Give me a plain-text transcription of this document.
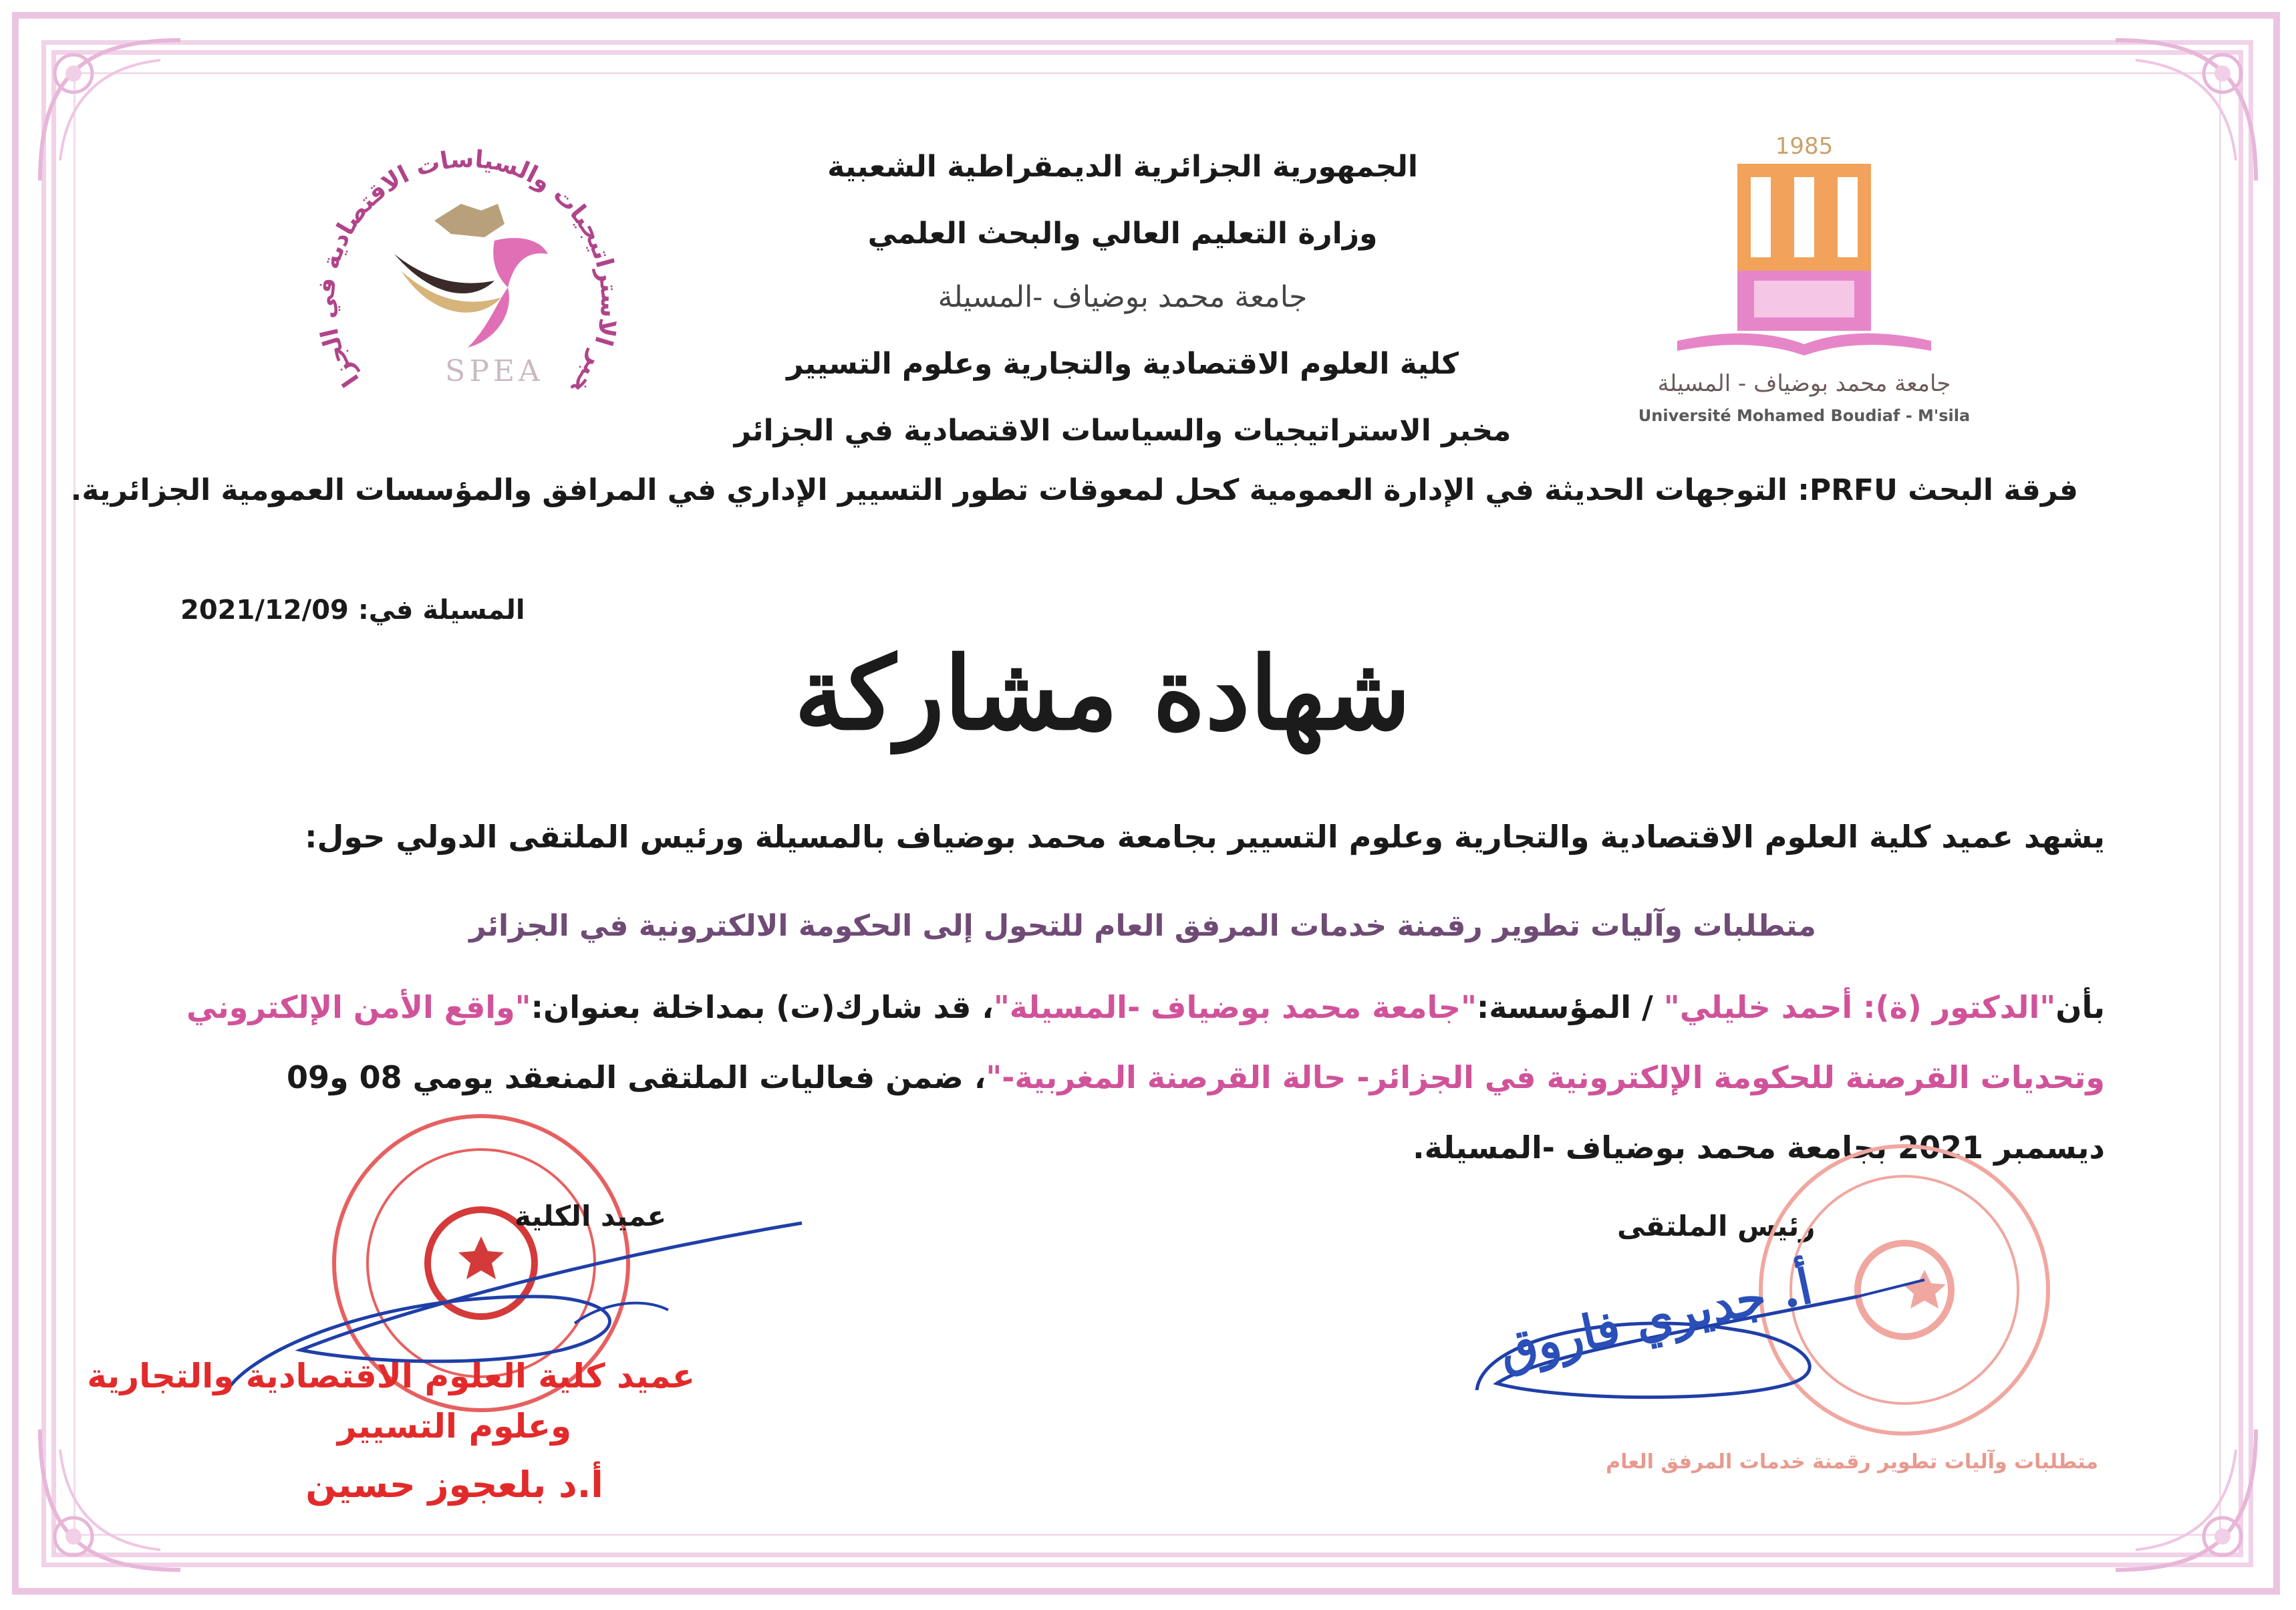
خبر الاستراتيجيات والسياسات الاقتصادية في الجزا	SPEA
1985
جامعة محمد بوضياف - المسيلة
Université Mohamed Boudiaf - M'sila
الجمهورية الجزائرية الديمقراطية الشعبية
وزارة التعليم العالي والبحث العلمي
جامعة محمد بوضياف -المسيلة
كلية العلوم الاقتصادية والتجارية وعلوم التسيير
مخبر الاستراتيجيات والسياسات الاقتصادية في الجزائر
فرقة البحث PRFU: التوجهات الحديثة في الإدارة العمومية كحل لمعوقات تطور التسيير الإداري في المرافق والمؤسسات العمومية الجزائرية.
المسيلة في: 2021/12/09
شهادة مشاركة
يشهد عميد كلية العلوم الاقتصادية والتجارية وعلوم التسيير بجامعة محمد بوضياف بالمسيلة ورئيس الملتقى الدولي حول:
متطلبات وآليات تطوير رقمنة خدمات المرفق العام للتحول إلى الحكومة الالكترونية في الجزائر
بأن"الدكتور (ة): أحمد خليلي" / المؤسسة:"جامعة محمد بوضياف -المسيلة"، قد شارك(ت) بمداخلة بعنوان:"واقع الأمن الإلكتروني
وتحديات القرصنة للحكومة الإلكترونية في الجزائر- حالة القرصنة المغربية-"، ضمن فعاليات الملتقى المنعقد يومي 08 و09
ديسمبر 2021 بجامعة محمد بوضياف -المسيلة.
رئيس الملتقى
متطلبات وآليات تطوير رقمنة خدمات المرفق العام
أ. جديري فاروق
عميد الكلية
عميد كلية العلوم الاقتصادية والتجارية
وعلوم التسيير
أ.د بلعجوز حسين
